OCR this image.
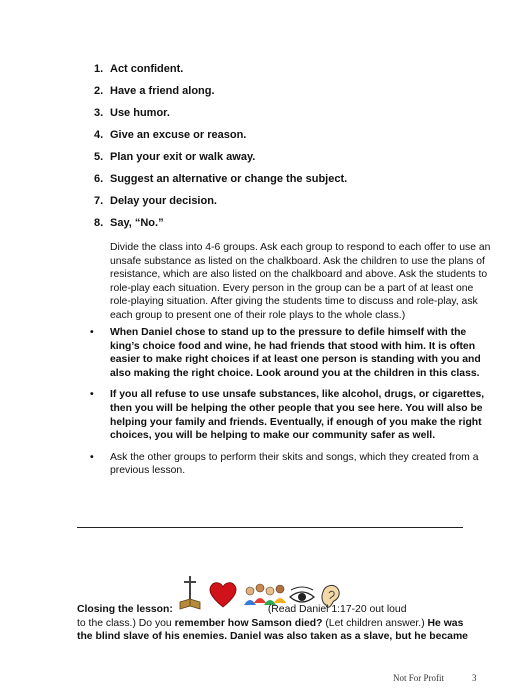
1. Act confident.
2. Have a friend along.
3. Use humor.
4. Give an excuse or reason.
5. Plan your exit or walk away.
6. Suggest an alternative or change the subject.
7. Delay your decision.
8. Say, “No.”

Divide the class into 4-6 groups. Ask each group to respond to each offer to use an unsafe substance as listed on the chalkboard. Ask the children to use the plans of resistance, which are also listed on the chalkboard and above. Ask the students to role-play each situation. Every person in the group can be a part of at least one role-playing situation. After giving the students time to discuss and role-play, ask each group to present one of their role plays to the whole class.)

• When Daniel chose to stand up to the pressure to defile himself with the king’s choice food and wine, he had friends that stood with him. It is often easier to make right choices if at least one person is standing with you and also making the right choice. Look around you at the children in this class.
• If you all refuse to use unsafe substances, like alcohol, drugs, or cigarettes, then you will be helping the other people that you see here. You will also be helping your family and friends. Eventually, if enough of you make the right choices, you will be helping to make our community safer as well.
• Ask the other groups to perform their skits and songs, which they created from a previous lesson.
Closing the lesson:	(Read Daniel 1:17-20 out loud
to the class.) Do you remember how Samson died? (Let children answer.) He was
the blind slave of his enemies. Daniel was also taken as a slave, but he became
Not For Profit	3
